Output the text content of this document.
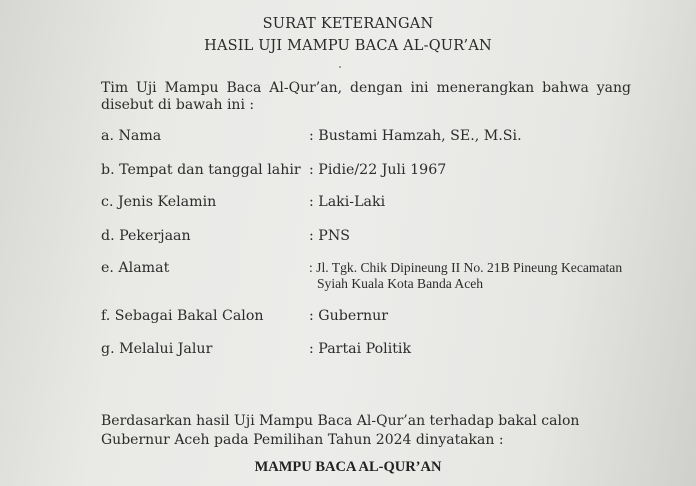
SURAT KETERANGAN
HASIL UJI MAMPU BACA AL-QUR’AN
Tim Uji Mampu Baca Al-Qur’an, dengan ini menerangkan bahwa yang disebut di bawah ini :
a. Nama	: Bustami Hamzah, SE., M.Si.
b. Tempat dan tanggal lahir : Pidie/22 Juli 1967
c. Jenis Kelamin	: Laki-Laki
d. Pekerjaan	: PNS
e. Alamat	: Jl. Tgk. Chik Dipineung II No. 21B Pineung Kecamatan
Syiah Kuala Kota Banda Aceh
f. Sebagai Bakal Calon	: Gubernur
g. Melalui Jalur	: Partai Politik
Berdasarkan hasil Uji Mampu Baca Al-Qur’an terhadap bakal calon Gubernur Aceh pada Pemilihan Tahun 2024 dinyatakan :
MAMPU BACA AL-QUR’AN
